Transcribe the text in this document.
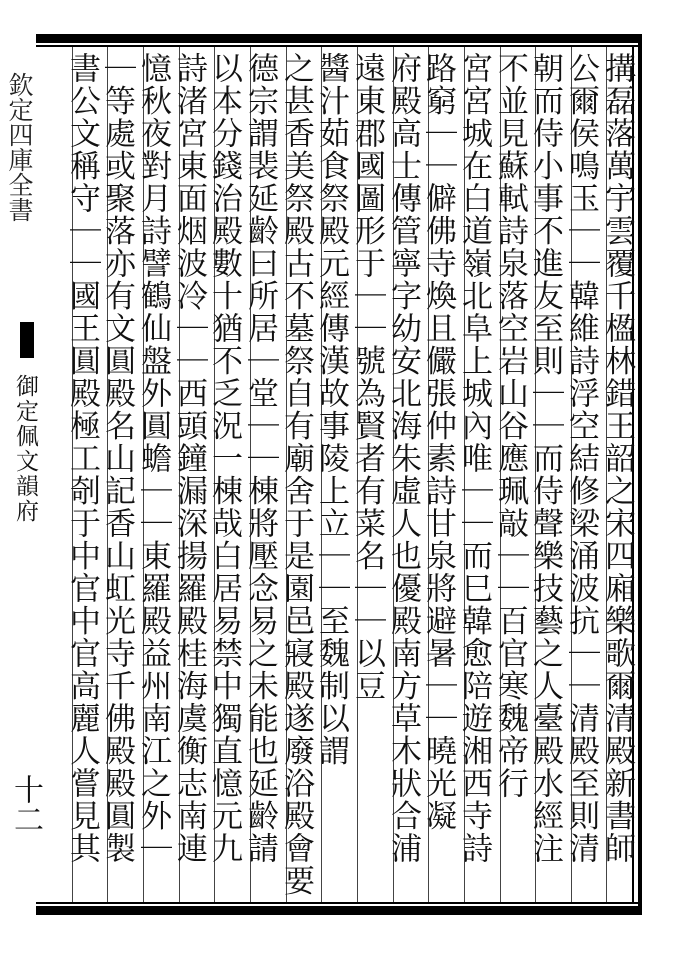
欽定四庫全書
御定佩文韻府
十二	搆磊落萬宇雲覆千楹林錯王韶之宋四廂樂歌爾清殿新書師
公爾侯鳴玉｜｜韓維詩浮空結修梁涌波抗｜｜清殿至則清
朝而侍小事不進友至則｜｜而侍聲樂技藝之人臺殿水經注
不並見蘇軾詩泉落空岩山谷應珮敲｜｜百官寒魏帝行
宮宮城在白道嶺北阜上城內唯｜｜而巳韓愈陪遊湘西寺詩
路窮｜｜僻佛寺煥且儼張仲素詩甘泉將避暑｜｜曉光凝
府殿高士傳管寧字幼安北海朱虛人也優殿南方草木狀合浦
遠東郡國圖形于｜｜號為賢者有菜名｜｜以豆
醬汁茹食祭殿元經傳漢故事陵上立｜｜至魏制以謂
之甚香美祭殿古不墓祭自有廟舍于是園邑寢殿遂廢浴殿會要
德宗謂裴延齡曰所居｜堂｜｜棟將壓念易之未能也延齡請
以本分錢治殿數十猶不乏況一棟哉白居易禁中獨直憶元九
詩渚宮東面烟波冷｜｜西頭鐘漏深揚羅殿桂海虞衡志南連
憶秋夜對月詩譬鶴仙盤外圓蟾｜｜東羅殿益州南江之外｜
｜等處或聚落亦有文圓殿名山記香山虹光寺千佛殿殿圓製
書公文稱守｜｜國王圓殿極工剞于中官中官高麗人嘗見其
